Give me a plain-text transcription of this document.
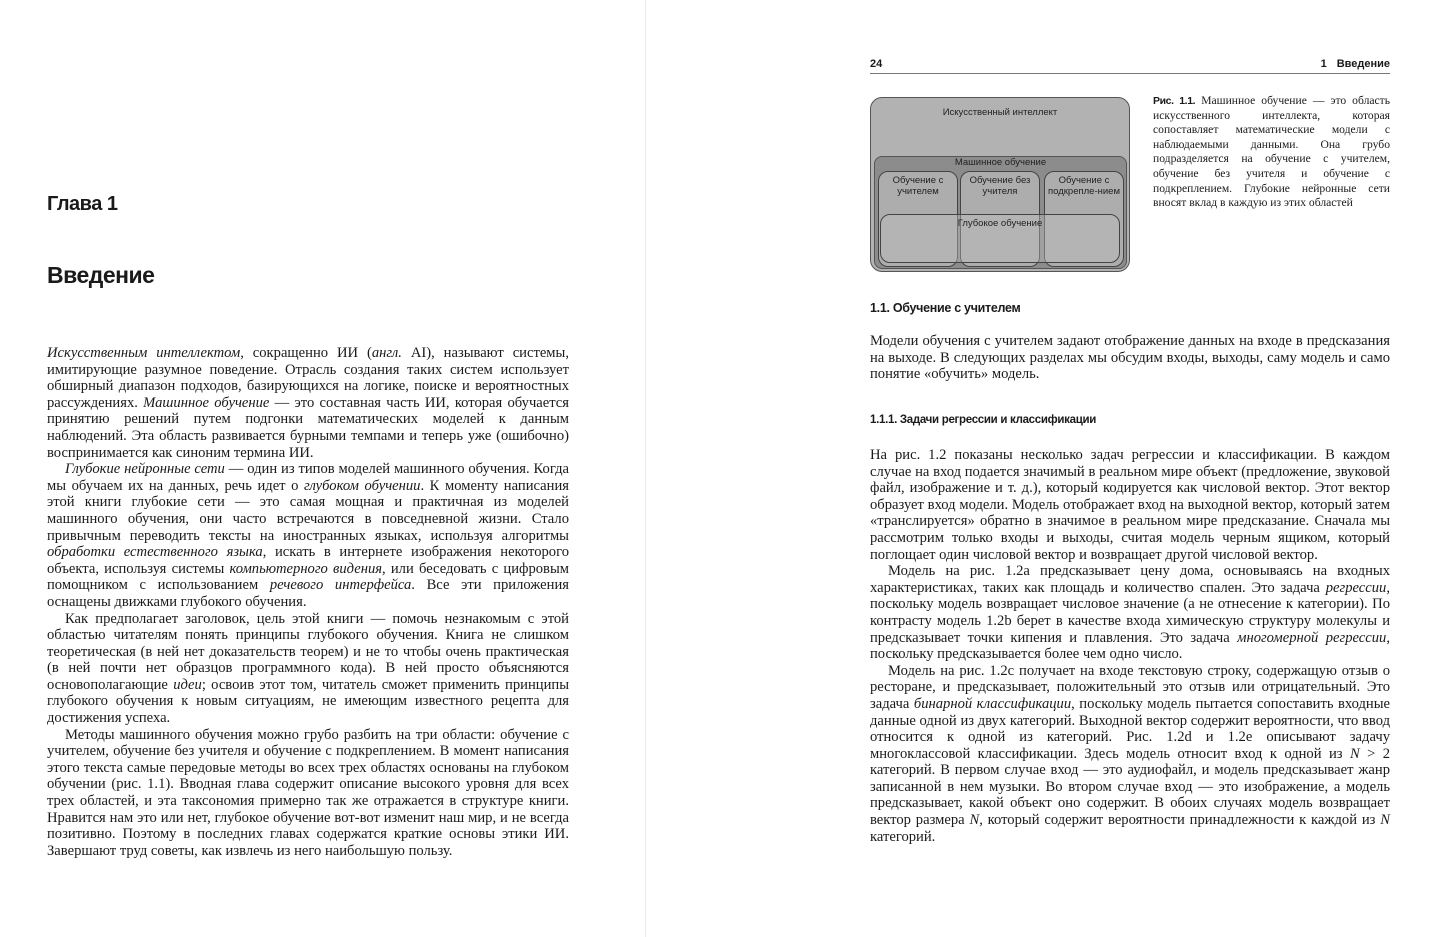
Глава 1
Введение

Искусственным интеллектом, сокращенно ИИ (англ. AI), называют системы, имитирующие разумное поведение. Отрасль создания таких систем использует обширный диапазон подходов, базирующихся на логике, поиске и вероятностных рассуждениях. Машинное обучение — это составная часть ИИ, которая обучается принятию решений путем подгонки математических моделей к данным наблюдений. Эта область развивается бурными темпами и теперь уже (ошибочно) воспринимается как синоним термина ИИ.

Глубокие нейронные сети — один из типов моделей машинного обучения. Когда мы обучаем их на данных, речь идет о глубоком обучении. К моменту написания этой книги глубокие сети — это самая мощная и практичная из моделей машинного обучения, они часто встречаются в повседневной жизни. Стало привычным переводить тексты на иностранных языках, используя алгоритмы обработки естественного языка, искать в интернете изображения некоторого объекта, используя системы компьютерного видения, или беседовать с цифровым помощником с использованием речевого интерфейса. Все эти приложения оснащены движками глубокого обучения.

Как предполагает заголовок, цель этой книги — помочь незнакомым с этой областью читателям понять принципы глубокого обучения. Книга не слишком теоретическая (в ней нет доказательств теорем) и не то чтобы очень практическая (в ней почти нет образцов программного кода). В ней просто объясняются основополагающие идеи; освоив этот том, читатель сможет применить принципы глубокого обучения к новым ситуациям, не имеющим известного рецепта для достижения успеха.

Методы машинного обучения можно грубо разбить на три области: обучение с учителем, обучение без учителя и обучение с подкреплением. В момент написания этого текста самые передовые методы во всех трех областях основаны на глубоком обучении (рис. 1.1). Вводная глава содержит описание высокого уровня для всех трех областей, и эта таксономия примерно так же отражается в структуре книги. Нравится нам это или нет, глубокое обучение вот-вот изменит наш мир, и не всегда позитивно. Поэтому в последних главах содержатся краткие основы этики ИИ. Завершают труд советы, как извлечь из него наибольшую пользу.

24	1 Введение
Искусственный интеллект
Машинное обучение
Обучение с учителем
Обучение без учителя
Обучение с подкрепле-нием
Глубокое обучение
Рис. 1.1. Машинное обучение — это область искусственного интеллекта, которая сопоставляет математические модели с наблюдаемыми данными. Она грубо подразделяется на обучение с учителем, обучение без учителя и обучение с подкреплением. Глубокие нейронные сети вносят вклад в каждую из этих областей
1.1. Обучение с учителем

Модели обучения с учителем задают отображение данных на входе в предсказания на выходе. В следующих разделах мы обсудим входы, выходы, саму модель и само понятие «обучить» модель.

1.1.1. Задачи регрессии и классификации

На рис. 1.2 показаны несколько задач регрессии и классификации. В каждом случае на вход подается значимый в реальном мире объект (предложение, звуковой файл, изображение и т. д.), который кодируется как числовой вектор. Этот вектор образует вход модели. Модель отображает вход на выходной вектор, который затем «транслируется» обратно в значимое в реальном мире предсказание. Сначала мы рассмотрим только входы и выходы, считая модель черным ящиком, который поглощает один числовой вектор и возвращает другой числовой вектор.

Модель на рис. 1.2a предсказывает цену дома, основываясь на входных характеристиках, таких как площадь и количество спален. Это задача регрессии, поскольку модель возвращает числовое значение (а не отнесение к категории). По контрасту модель 1.2b берет в качестве входа химическую структуру молекулы и предсказывает точки кипения и плавления. Это задача многомерной регрессии, поскольку предсказывается более чем одно число.

Модель на рис. 1.2c получает на входе текстовую строку, содержащую отзыв о ресторане, и предсказывает, положительный это отзыв или отрицательный. Это задача бинарной классификации, поскольку модель пытается сопоставить входные данные одной из двух категорий. Выходной вектор содержит вероятности, что ввод относится к одной из категорий. Рис. 1.2d и 1.2e описывают задачу многоклассовой классификации. Здесь модель относит вход к одной из N > 2 категорий. В первом случае вход — это аудиофайл, и модель предсказывает жанр записанной в нем музыки. Во втором случае вход — это изображение, а модель предсказывает, какой объект оно содержит. В обоих случаях модель возвращает вектор размера N, который содержит вероятности принадлежности к каждой из N категорий.
